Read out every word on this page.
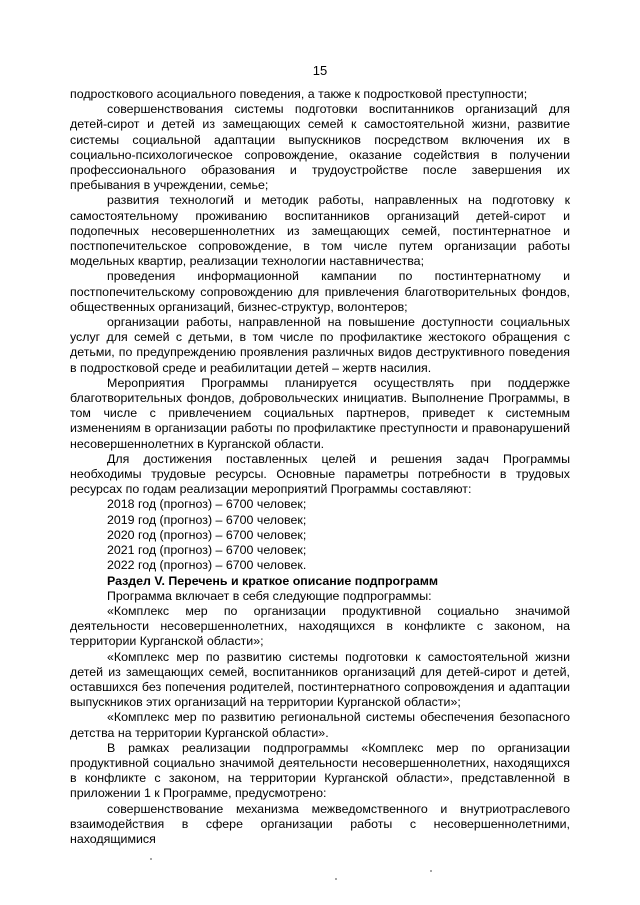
15

подросткового асоциального поведения, а также к подростковой преступности;

совершенствования системы подготовки воспитанников организаций для детей-сирот и детей из замещающих семей к самостоятельной жизни, развитие системы социальной адаптации выпускников посредством включения их в социально-психологическое сопровождение, оказание содействия в получении профессионального образования и трудоустройстве после завершения их пребывания в учреждении, семье;

развития технологий и методик работы, направленных на подготовку к самостоятельному проживанию воспитанников организаций детей-сирот и подопечных несовершеннолетних из замещающих семей, постинтернатное и постпопечительское сопровождение, в том числе путем организации работы модельных квартир, реализации технологии наставничества;

проведения информационной кампании по постинтернатному и постпопечительскому сопровождению для привлечения благотворительных фондов, общественных организаций, бизнес-структур, волонтеров;

организации работы, направленной на повышение доступности социальных услуг для семей с детьми, в том числе по профилактике жестокого обращения с детьми, по предупреждению проявления различных видов деструктивного поведения в подростковой среде и реабилитации детей – жертв насилия.

Мероприятия Программы планируется осуществлять при поддержке благотворительных фондов, добровольческих инициатив. Выполнение Программы, в том числе с привлечением социальных партнеров, приведет к системным изменениям в организации работы по профилактике преступности и правонарушений несовершеннолетних в Курганской области.

Для достижения поставленных целей и решения задач Программы необходимы трудовые ресурсы. Основные параметры потребности в трудовых ресурсах по годам реализации мероприятий Программы составляют:

2018 год (прогноз) – 6700 человек;
2019 год (прогноз) – 6700 человек;
2020 год (прогноз) – 6700 человек;
2021 год (прогноз) – 6700 человек;
2022 год (прогноз) – 6700 человек.

Раздел V. Перечень и краткое описание подпрограмм

Программа включает в себя следующие подпрограммы:

«Комплекс мер по организации продуктивной социально значимой деятельности несовершеннолетних, находящихся в конфликте с законом, на территории Курганской области»;

«Комплекс мер по развитию системы подготовки к самостоятельной жизни детей из замещающих семей, воспитанников организаций для детей-сирот и детей, оставшихся без попечения родителей, постинтернатного сопровождения и адаптации выпускников этих организаций на территории Курганской области»;

«Комплекс мер по развитию региональной системы обеспечения безопасного детства на территории Курганской области».

В рамках реализации подпрограммы «Комплекс мер по организации продуктивной социально значимой деятельности несовершеннолетних, находящихся в конфликте с законом, на территории Курганской области», представленной в приложении 1 к Программе, предусмотрено:

совершенствование механизма межведомственного и внутриотраслевого взаимодействия в сфере организации работы с несовершеннолетними, находящимися
